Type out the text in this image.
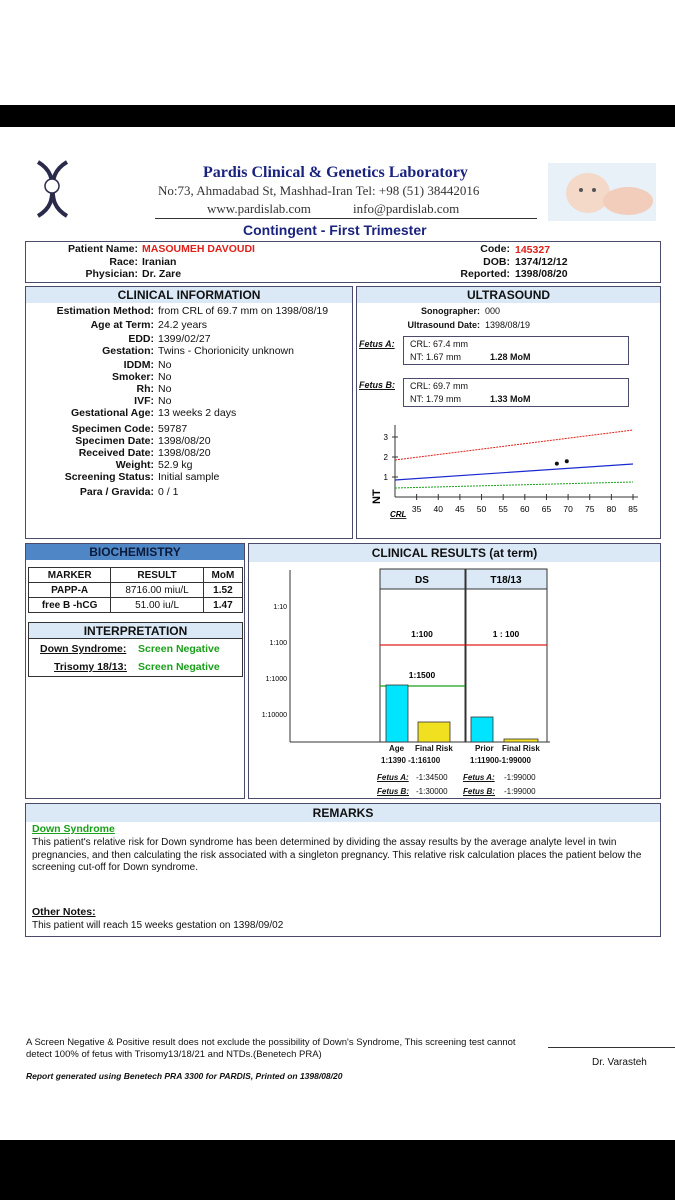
Pardis Clinical & Genetics Laboratory
No:73, Ahmadabad St, Mashhad-Iran Tel: +98 (51) 38442016
www.pardislab.com	info@pardislab.com
Contingent - First Trimester
Patient Name: MASOUMEH DAVOUDI
Race: Iranian
Physician: Dr. Zare
Code: 145327
DOB: 1374/12/12
Reported: 1398/08/20
CLINICAL INFORMATION
Estimation Method: from CRL of 69.7 mm on 1398/08/19
Age at Term: 24.2 years
EDD: 1399/02/27
Gestation: Twins - Chorionicity unknown
IDDM: No
Smoker: No
Rh: No
IVF: No
Gestational Age: 13 weeks 2 days
Specimen Code: 59787
Specimen Date: 1398/08/20
Received Date: 1398/08/20
Weight: 52.9 kg
Screening Status: Initial sample
Para / Gravida: 0 / 1
ULTRASOUND
Sonographer: 000
Ultrasound Date: 1398/08/19
Fetus A: CRL: 67.4 mm
NT: 1.67 mm	1.28 MoM
Fetus B: CRL: 69.7 mm
NT: 1.79 mm	1.33 MoM
1
2
3
35 40 45 50 55 60 65 70 75 80 85
NT
CRL
BIOCHEMISTRY
MARKER	RESULT	MoM
PAPP-A	8716.00 miu/L	1.52
free B -hCG	51.00 iu/L	1.47
INTERPRETATION
Down Syndrome: Screen Negative
Trisomy 18/13: Screen Negative
CLINICAL RESULTS (at term)
1:10
1:100
1:1000
1:10000
DS
1:100
1:1500
T18/13
1 : 100
Age Final Risk
1:1390 -1:16100
Prior Final Risk
1:11900-1:99000
Fetus A: -1:34500 Fetus A: -1:99000
Fetus B: -1:30000 Fetus B: -1:99000
REMARKS
Down Syndrome
This patient's relative risk for Down syndrome has been determined by dividing the assay results by the average analyte level in twin pregnancies, and then calculating the risk associated with a singleton pregnancy. This relative risk calculation places the patient below the screening cut-off for Down syndrome.
Other Notes:
This patient will reach 15 weeks gestation on 1398/09/02
A Screen Negative & Positive result does not exclude the possibility of Down's Syndrome, This screening test cannot detect 100% of fetus with Trisomy13/18/21 and NTDs.(Benetech PRA)
Dr. Varasteh
Report generated using Benetech PRA 3300 for PARDIS, Printed on 1398/08/20
